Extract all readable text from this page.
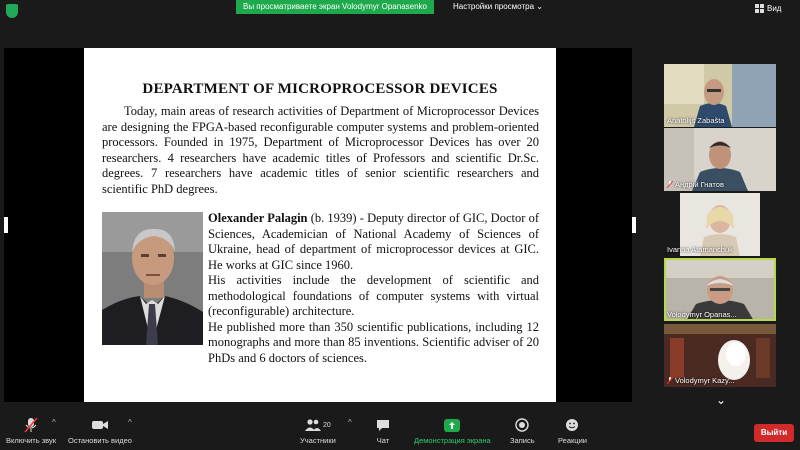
Вы просматриваете экран Volodymyr Opanasenko	Настройки просмотра ⌄	Вид
DEPARTMENT OF MICROPROCESSOR DEVICES
Today, main areas of research activities of Department of Microprocessor Devices are designing the FPGA-based reconfigurable computer systems and problem-oriented processors. Founded in 1975, Department of Microprocessor Devices has over 20 researchers. 4 researchers have academic titles of Professors and scientific Dr.Sc. degrees. 7 researchers have academic titles of senior scientific researchers and scientific PhD degrees.

Olexander Palagin (b. 1939) - Deputy director of GIC, Doctor of Sciences, Academician of National Academy of Sciences of Ukraine, head of department of microprocessor devices at GIC. He works at GIC since 1960.

His activities include the development of scientific and methodological foundations of computer systems with virtual (reconfigurable) architecture.

He published more than 350 scientific publications, including 12 monographs and more than 85 inventions. Scientific adviser of 20 PhDs and 6 doctors of sciences.

Anatolijs Zabašta
Андрій Гнатов
Ivanna Atamanchuk
Volodymyr Opanas...
Volodymyr Kazy...
⌄
Включить звук
^
Остановить видео
^	20
Участники
^
Чат	Демонстрация экрана	Запись	Реакции
Выйти
